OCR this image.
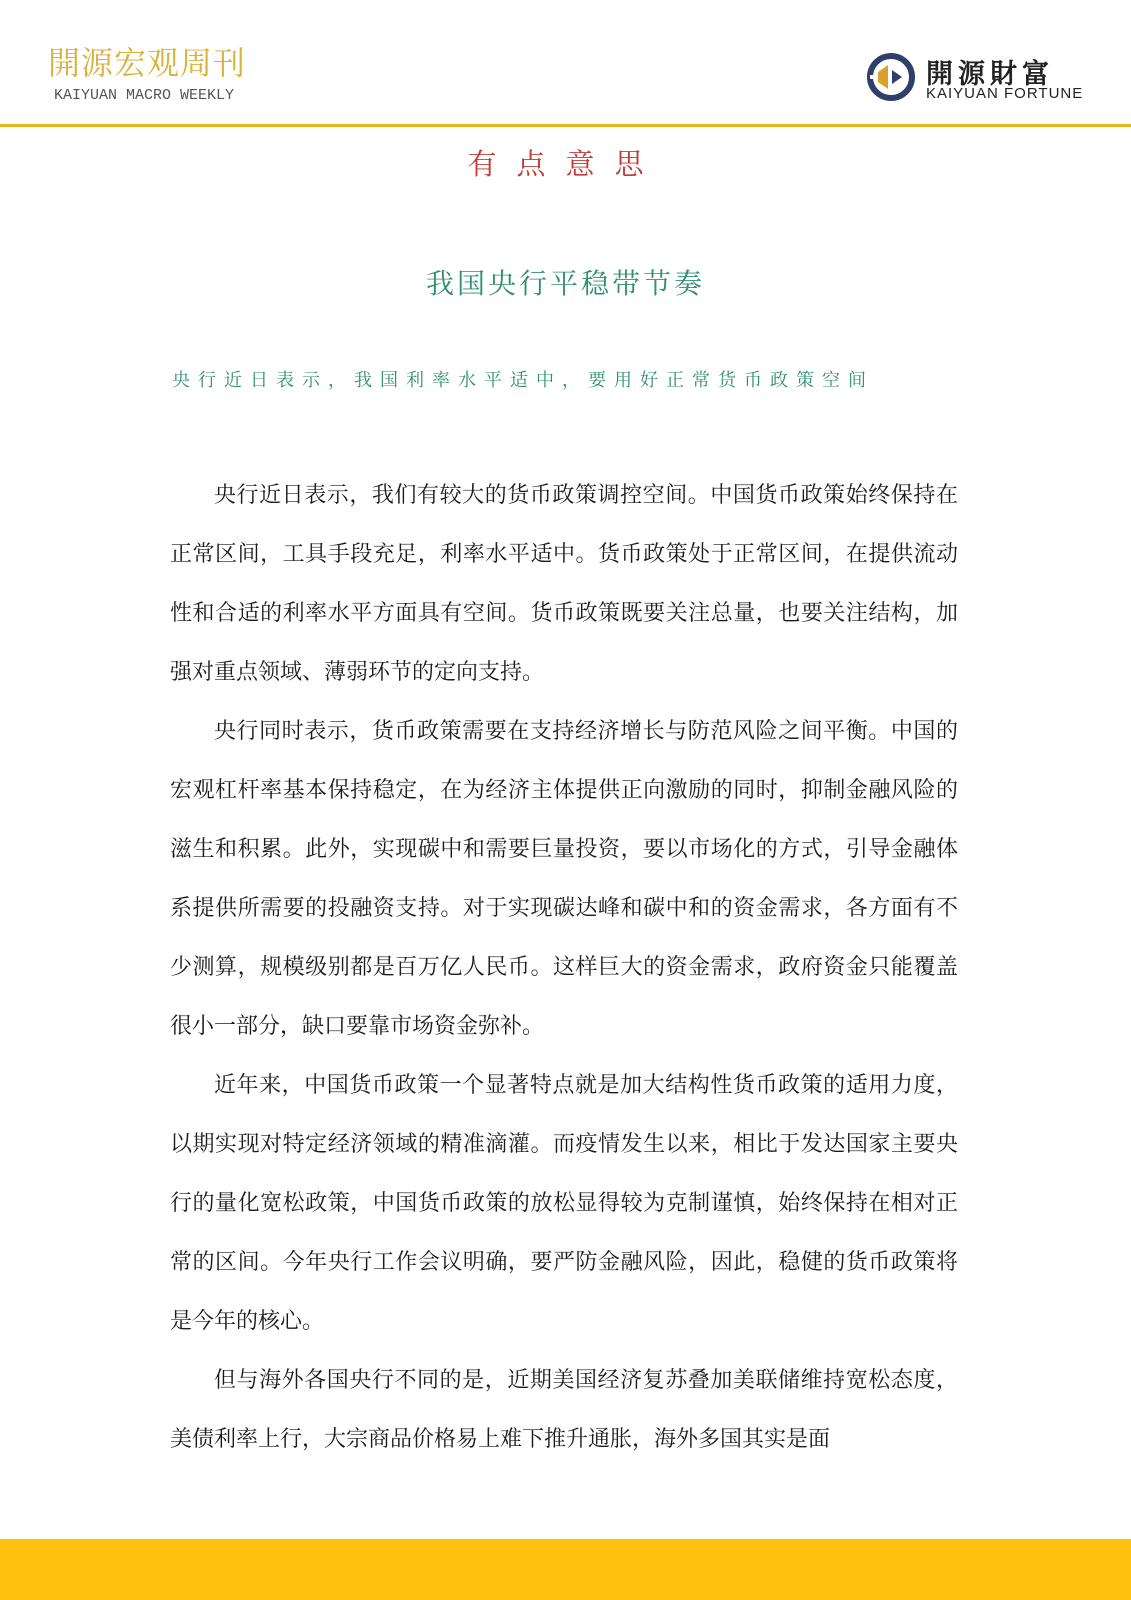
開源宏观周刊
KAIYUAN MACRO WEEKLY
開源財富
KAIYUAN FORTUNE
有点意思
我国央行平稳带节奏
央行近日表示，我国利率水平适中，要用好正常货币政策空间

央行近日表示，我们有较大的货币政策调控空间。中国货币政策始终保持在正常区间，工具手段充足，利率水平适中。货币政策处于正常区间，在提供流动性和合适的利率水平方面具有空间。货币政策既要关注总量，也要关注结构，加强对重点领域、薄弱环节的定向支持。

央行同时表示，货币政策需要在支持经济增长与防范风险之间平衡。中国的宏观杠杆率基本保持稳定，在为经济主体提供正向激励的同时，抑制金融风险的滋生和积累。此外，实现碳中和需要巨量投资，要以市场化的方式，引导金融体系提供所需要的投融资支持。对于实现碳达峰和碳中和的资金需求，各方面有不少测算，规模级别都是百万亿人民币。这样巨大的资金需求，政府资金只能覆盖很小一部分，缺口要靠市场资金弥补。

近年来，中国货币政策一个显著特点就是加大结构性货币政策的适用力度，以期实现对特定经济领域的精准滴灌。而疫情发生以来，相比于发达国家主要央行的量化宽松政策，中国货币政策的放松显得较为克制谨慎，始终保持在相对正常的区间。今年央行工作会议明确，要严防金融风险，因此，稳健的货币政策将是今年的核心。

但与海外各国央行不同的是，近期美国经济复苏叠加美联储维持宽松态度，美债利率上行，大宗商品价格易上难下推升通胀，海外多国其实是面
